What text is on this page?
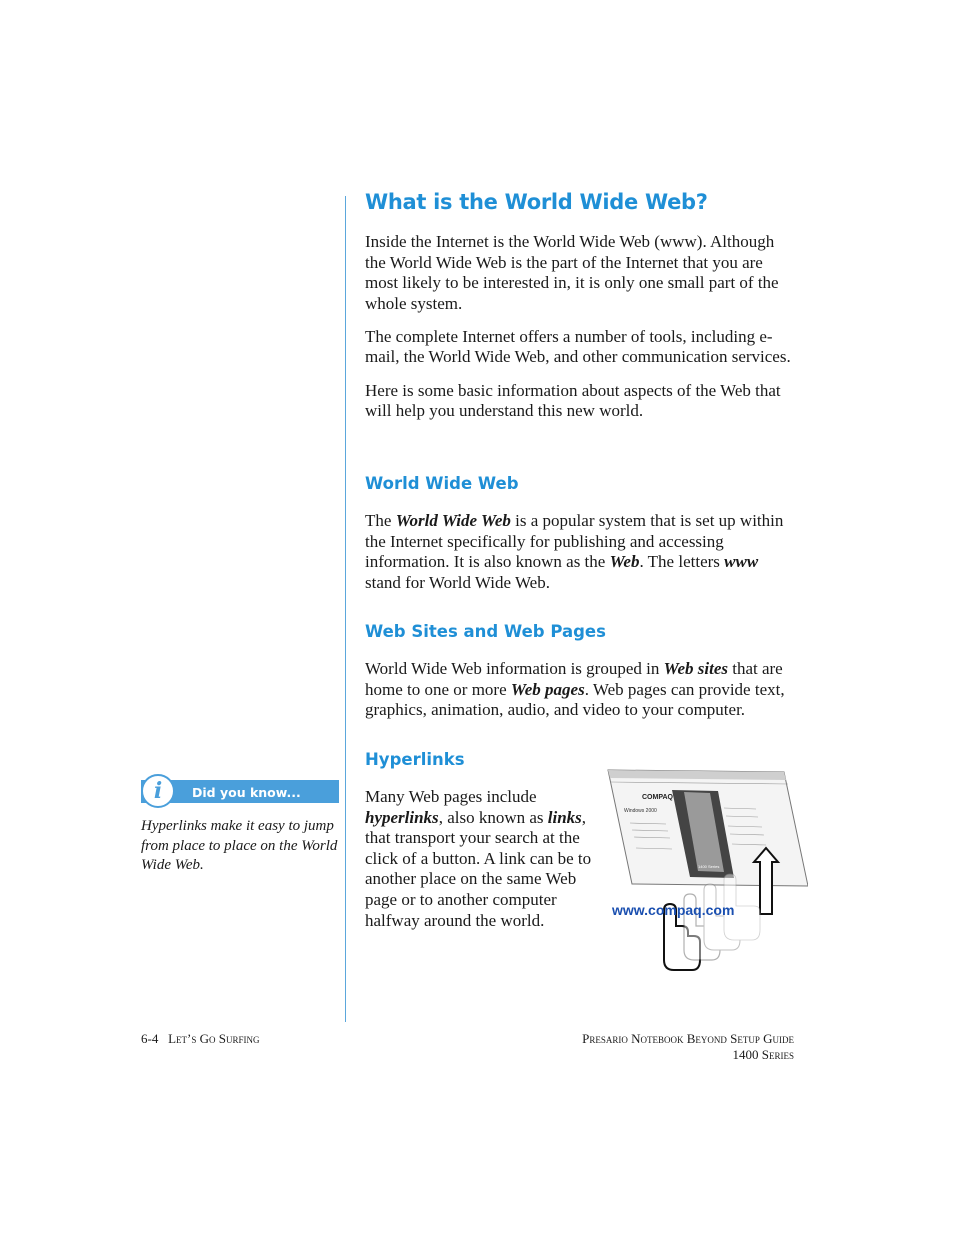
What is the World Wide Web?

Inside the Internet is the World Wide Web (www). Although the World Wide Web is the part of the Internet that you are most likely to be interested in, it is only one small part of the whole system.

The complete Internet offers a number of tools, including e-mail, the World Wide Web, and other communication services.

Here is some basic information about aspects of the Web that will help you understand this new world.

World Wide Web

The World Wide Web is a popular system that is set up within the Internet specifically for publishing and accessing information. It is also known as the Web. The letters www stand for World Wide Web.

Web Sites and Web Pages

World Wide Web information is grouped in Web sites that are home to one or more Web pages. Web pages can provide text, graphics, animation, audio, and video to your computer.

Hyperlinks

Many Web pages include hyperlinks, also known as links, that transport your search at the click of a button. A link can be to another place on the same Web page or to another computer halfway around the world.

Did you know...
i
Hyperlinks make it easy to jump from place to place on the World Wide Web.
COMPAQ
Windows 2000
1400 Series
www.compaq.com
6-4 Let’s Go Surfing	Presario Notebook Beyond Setup Guide
1400 Series
